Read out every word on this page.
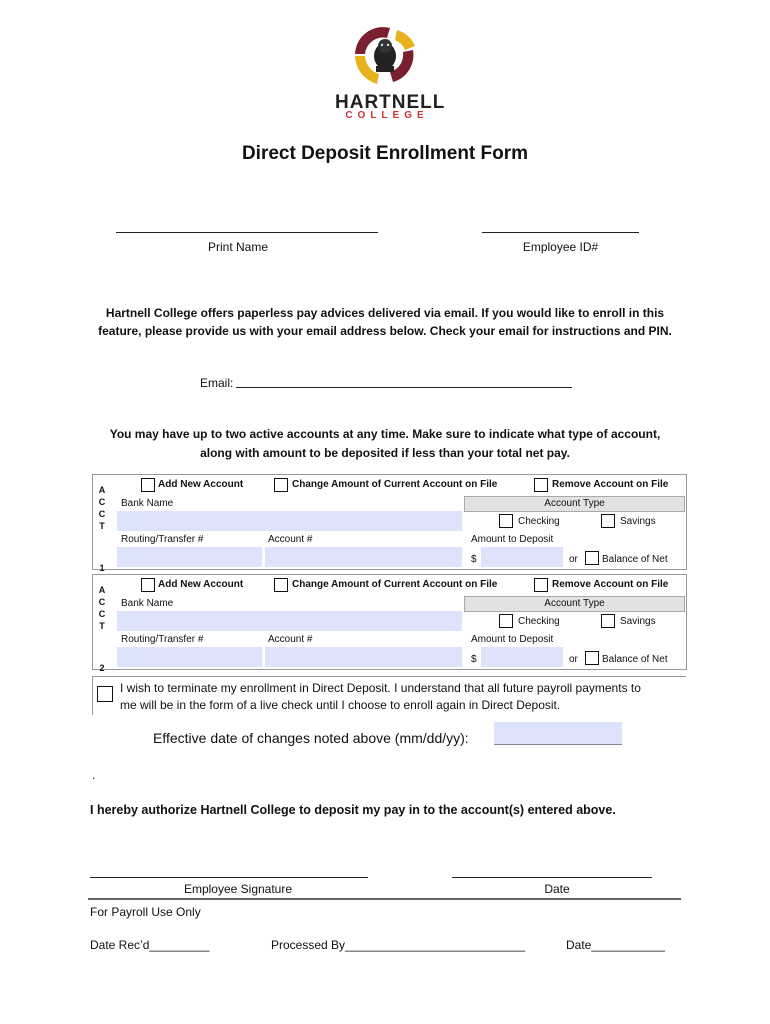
HARTNELL
COLLEGE
Direct Deposit Enrollment Form
Print Name	Employee ID#
Hartnell College offers paperless pay advices delivered via email. If you would like to enroll in this
feature, please provide us with your email address below. Check your email for instructions and PIN.
Email:
You may have up to two active accounts at any time. Make sure to indicate what type of account,
along with amount to be deposited if less than your total net pay.
A
C
C
T
1
Add New Account	Change Amount of Current Account on File	Remove Account on File
Bank Name	Account Type
Checking	Savings
Routing/Transfer #	Account #	Amount to Deposit
$	or Balance of Net
A
C
C
T
2
Add New Account	Change Amount of Current Account on File	Remove Account on File
Bank Name	Account Type
Checking	Savings
Routing/Transfer #	Account #	Amount to Deposit
$	or Balance of Net
I wish to terminate my enrollment in Direct Deposit. I understand that all future payroll payments to
me will be in the form of a live check until I choose to enroll again in Direct Deposit.
Effective date of changes noted above (mm/dd/yy):
.
I hereby authorize Hartnell College to deposit my pay in to the account(s) entered above.
Employee Signature	Date
For Payroll Use Only
Date Rec’d_________	Processed By___________________________	Date___________
